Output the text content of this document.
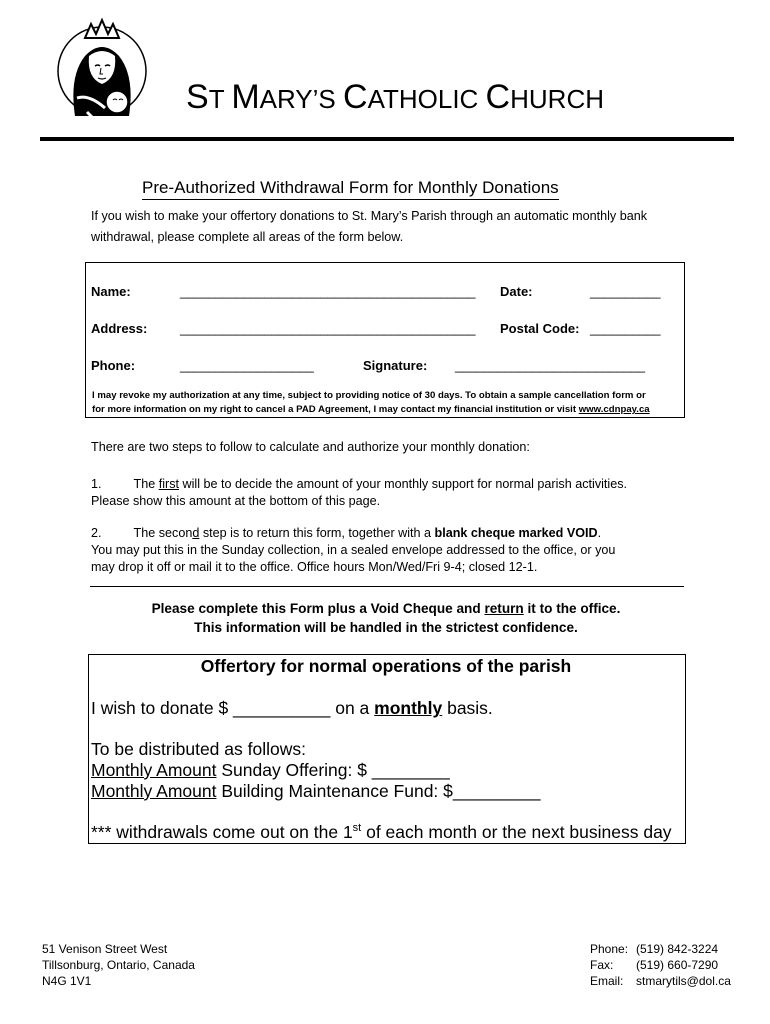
ST MARY’S CATHOLIC CHURCH
Pre-Authorized Withdrawal Form for Monthly Donations
If you wish to make your offertory donations to St. Mary’s Parish through an automatic monthly bank withdrawal, please complete all areas of the form below.
Name:	__________________________________________ Date:	__________
Address:	__________________________________________ Postal Code: __________
Phone:	___________________	Signature: ___________________________
I may revoke my authorization at any time, subject to providing notice of 30 days. To obtain a sample cancellation form or
for more information on my right to cancel a PAD Agreement, I may contact my financial institution or visit www.cdnpay.ca
There are two steps to follow to calculate and authorize your monthly donation:
1.	The first will be to decide the amount of your monthly support for normal parish activities.
Please show this amount at the bottom of this page.
2.	The second step is to return this form, together with a blank cheque marked VOID.
You may put this in the Sunday collection, in a sealed envelope addressed to the office, or you
may drop it off or mail it to the office. Office hours Mon/Wed/Fri 9-4; closed 12-1.
Please complete this Form plus a Void Cheque and return it to the office.
This information will be handled in the strictest confidence.
Offertory for normal operations of the parish
I wish to donate $ __________ on a monthly basis.
To be distributed as follows:
Monthly Amount Sunday Offering: $ ________
Monthly Amount Building Maintenance Fund: $_________
*** withdrawals come out on the 1st of each month or the next business day
51 Venison Street West
Tillsonburg, Ontario, Canada
N4G 1V1
Phone: (519) 842-3224
Fax: (519) 660-7290
Email: stmarytils@dol.ca
